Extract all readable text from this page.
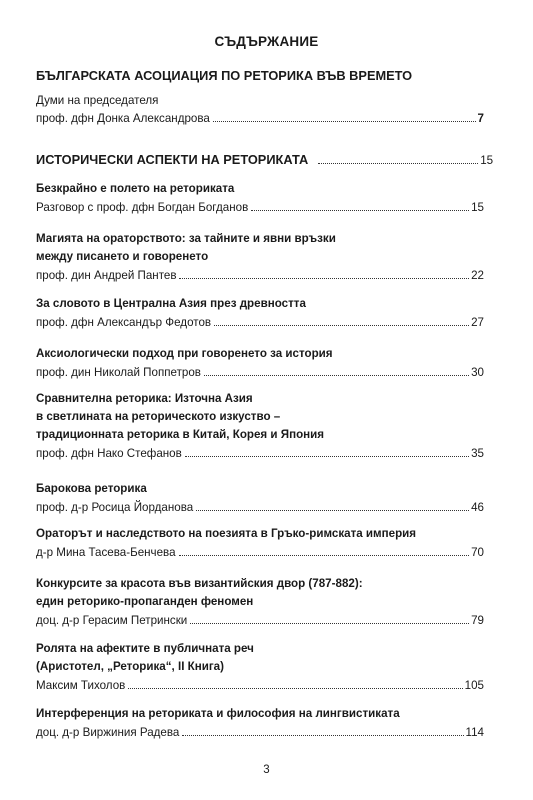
СЪДЪРЖАНИЕ
БЪЛГАРСКАТА АСОЦИАЦИЯ ПО РЕТОРИКА ВЪВ ВРЕМЕТО
Думи на председателя
проф. дфн Донка Александрова	7
ИСТОРИЧЕСКИ АСПЕКТИ НА РЕТОРИКАТА	15
Безкрайно е полето на реториката
Разговор с проф. дфн Богдан Богданов	15
Магията на ораторството: за тайните и явни връзки
между писането и говоренето
проф. дин Андрей Пантев	22
За словото в Централна Азия през древността
проф. дфн Александър Федотов	27
Аксиологически подход при говоренето за история
проф. дин Николай Поппетров	30
Сравнителна реторика: Източна Азия
в светлината на реторическото изкуство –
традиционната реторика в Китай, Корея и Япония
проф. дфн Нако Стефанов	35
Барокова реторика
проф. д-р Росица Йорданова	46
Ораторът и наследството на поезията в Гръко-римската империя
д-р Мина Тасева-Бенчева	70
Конкурсите за красота във византийския двор (787-882):
един реторико-пропаганден феномен
доц. д-р Герасим Петрински	79
Ролята на афектите в публичната реч
(Аристотел, „Реторика“, II Книга)
Максим Тихолов	105
Интерференция на реториката и философия на лингвистиката
доц. д-р Виржиния Радева	114
3
